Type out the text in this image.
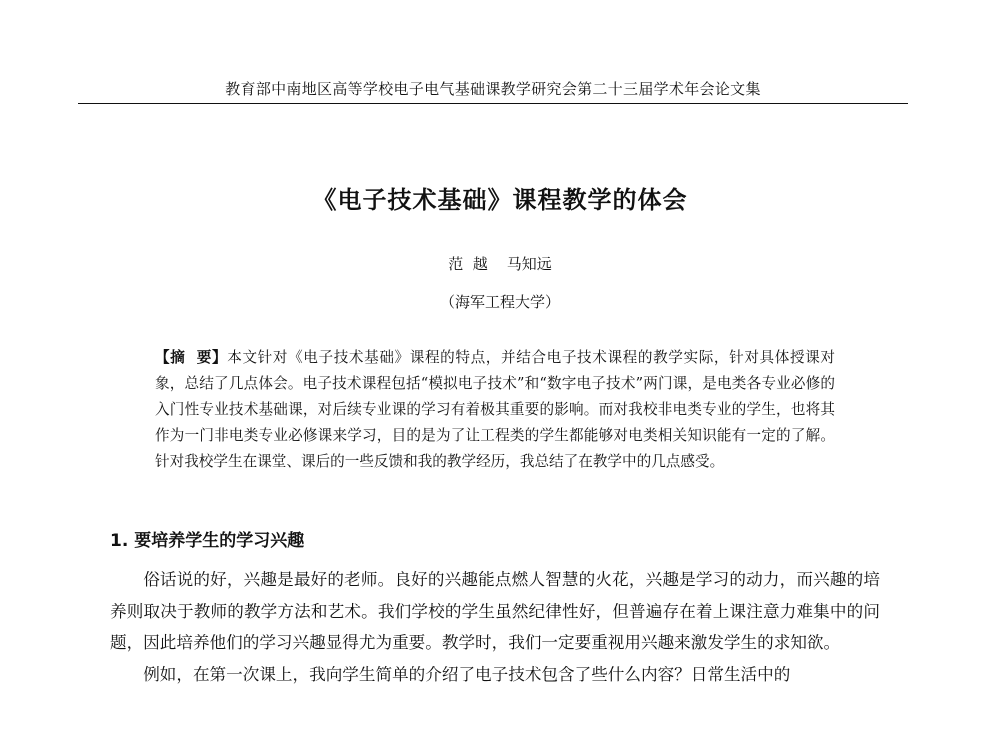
教育部中南地区高等学校电子电气基础课教学研究会第二十三届学术年会论文集
《电子技术基础》课程教学的体会
范  越    马知远
（海军工程大学）
【摘  要】本文针对《电子技术基础》课程的特点，并结合电子技术课程的教学实际，针对具体授课对象，总结了几点体会。电子技术课程包括“模拟电子技术”和“数字电子技术”两门课，是电类各专业必修的入门性专业技术基础课，对后续专业课的学习有着极其重要的影响。而对我校非电类专业的学生，也将其作为一门非电类专业必修课来学习，目的是为了让工程类的学生都能够对电类相关知识能有一定的了解。针对我校学生在课堂、课后的一些反馈和我的教学经历，我总结了在教学中的几点感受。
1. 要培养学生的学习兴趣

俗话说的好，兴趣是最好的老师。良好的兴趣能点燃人智慧的火花，兴趣是学习的动力，而兴趣的培养则取决于教师的教学方法和艺术。我们学校的学生虽然纪律性好，但普遍存在着上课注意力难集中的问题，因此培养他们的学习兴趣显得尤为重要。教学时，我们一定要重视用兴趣来激发学生的求知欲。

例如，在第一次课上，我向学生简单的介绍了电子技术包含了些什么内容？日常生活中的
